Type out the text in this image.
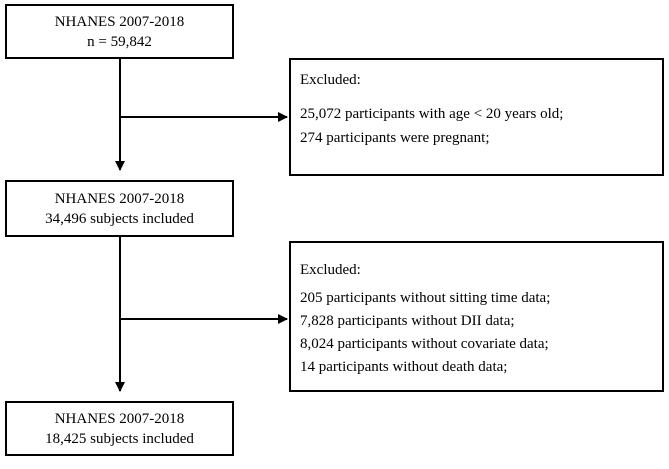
NHANES 2007-2018
n = 59,842
Excluded:
25,072 participants with age < 20 years old;
274 participants were pregnant;
NHANES 2007-2018
34,496 subjects included
Excluded:
205 participants without sitting time data;
7,828 participants without DII data;
8,024 participants without covariate data;
14 participants without death data;
NHANES 2007-2018
18,425 subjects included
